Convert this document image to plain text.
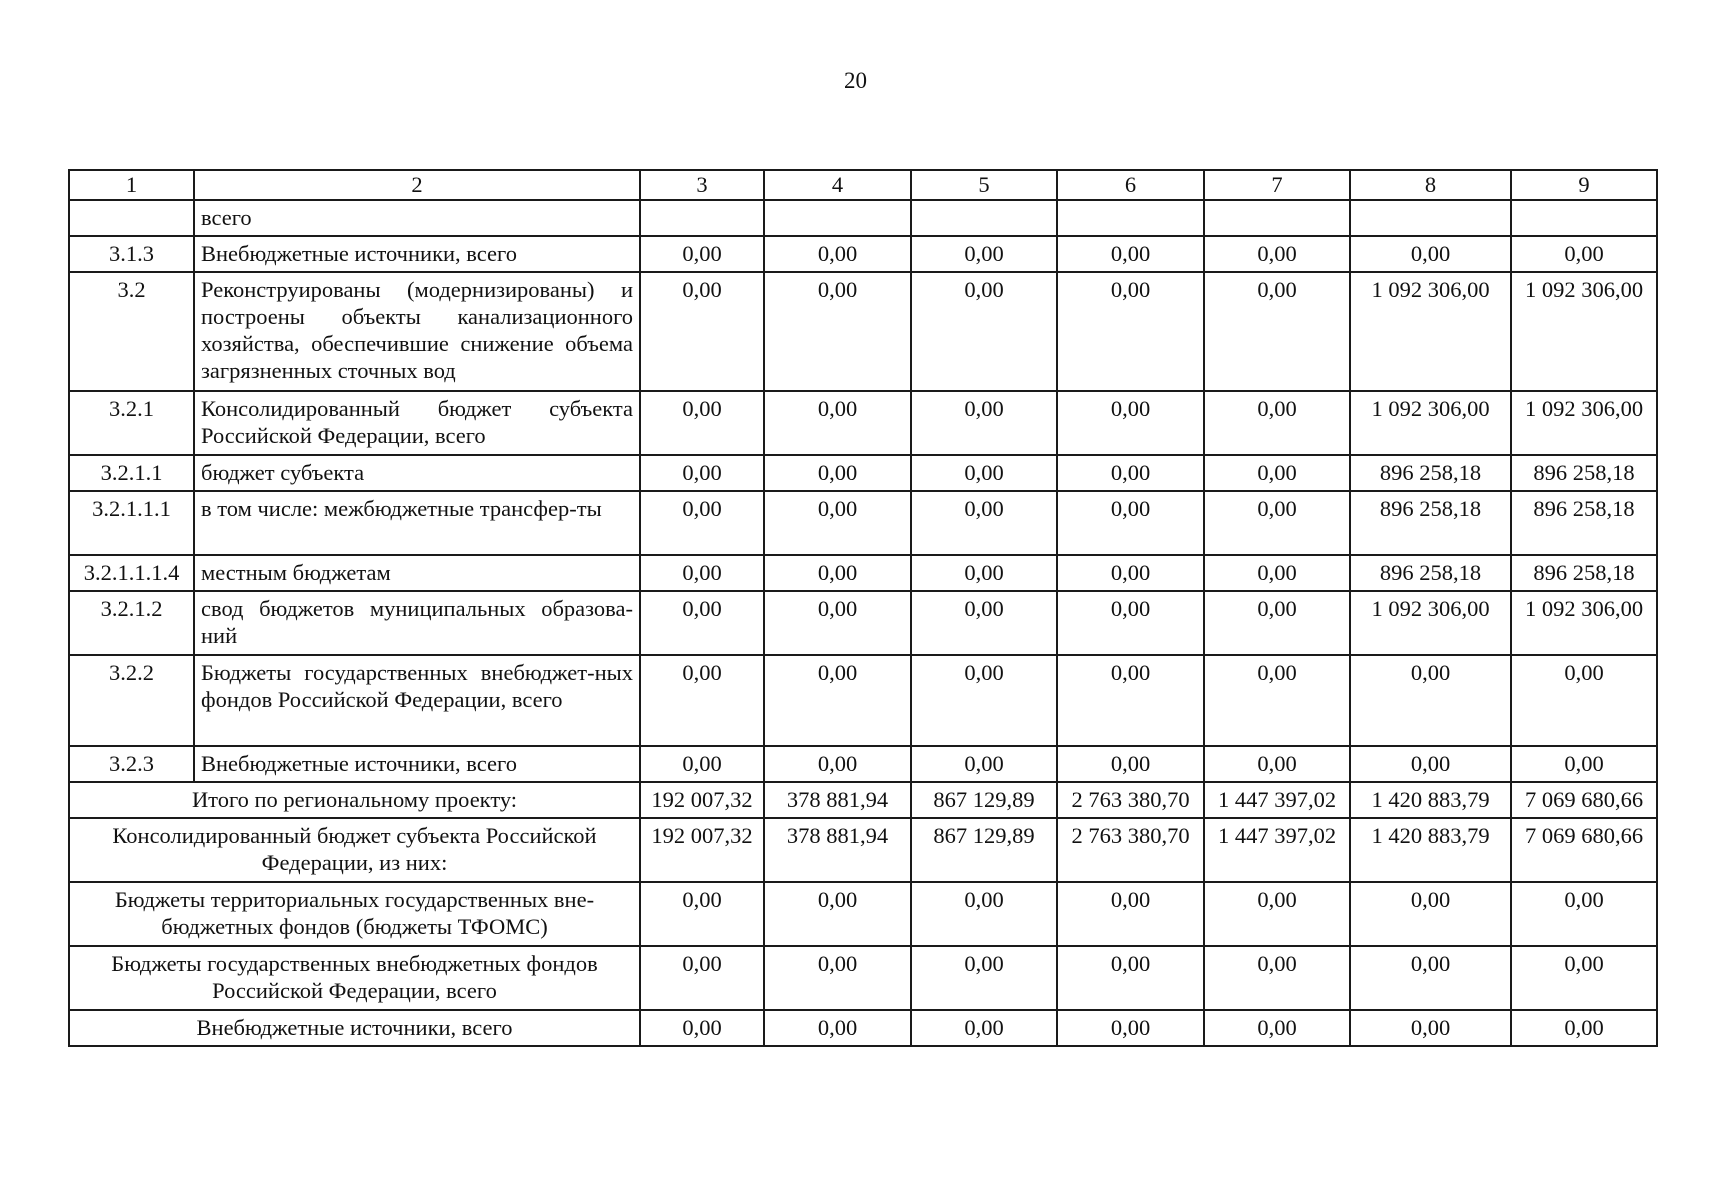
20
1	2	3	4	5	6	7	8	9
	всего							
3.1.3	Внебюджетные источники, всего	0,00	0,00	0,00	0,00	0,00	0,00	0,00
3.2	Реконструированы (модернизированы) и построены объекты канализационного хозяйства, обеспечившие снижение объема загрязненных сточных вод	0,00	0,00	0,00	0,00	0,00	1 092 306,00	1 092 306,00
3.2.1	Консолидированный бюджет субъекта Российской Федерации, всего	0,00	0,00	0,00	0,00	0,00	1 092 306,00	1 092 306,00
3.2.1.1	бюджет субъекта	0,00	0,00	0,00	0,00	0,00	896 258,18	896 258,18
3.2.1.1.1	в том числе: межбюджетные трансфер-ты	0,00	0,00	0,00	0,00	0,00	896 258,18	896 258,18
3.2.1.1.1.4	местным бюджетам	0,00	0,00	0,00	0,00	0,00	896 258,18	896 258,18
3.2.1.2	свод бюджетов муниципальных образова-ний	0,00	0,00	0,00	0,00	0,00	1 092 306,00	1 092 306,00
3.2.2	Бюджеты государственных внебюджет-ных фондов Российской Федерации, всего	0,00	0,00	0,00	0,00	0,00	0,00	0,00
3.2.3	Внебюджетные источники, всего	0,00	0,00	0,00	0,00	0,00	0,00	0,00
Итого по региональному проекту:		192 007,32	378 881,94	867 129,89	2 763 380,70	1 447 397,02	1 420 883,79	7 069 680,66
Консолидированный бюджет субъекта Российской Федерации, из них:		192 007,32	378 881,94	867 129,89	2 763 380,70	1 447 397,02	1 420 883,79	7 069 680,66
Бюджеты территориальных государственных вне-бюджетных фондов (бюджеты ТФОМС)		0,00	0,00	0,00	0,00	0,00	0,00	0,00
Бюджеты государственных внебюджетных фондов Российской Федерации, всего		0,00	0,00	0,00	0,00	0,00	0,00	0,00
Внебюджетные источники, всего		0,00	0,00	0,00	0,00	0,00	0,00	0,00
